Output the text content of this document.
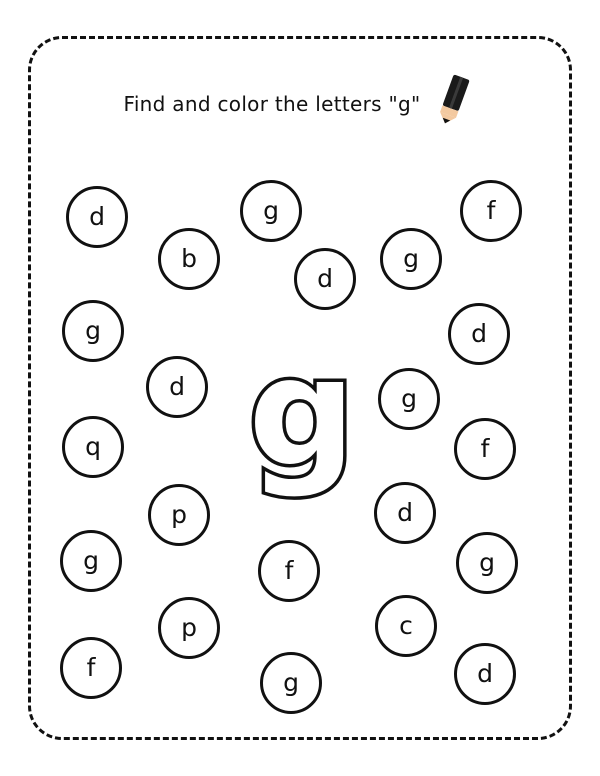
Find and color the letters "g"
g
d	g	f
b	g
d
g	d
d	g
q	f
p	d
g	f	g
p	c
f
g	d
